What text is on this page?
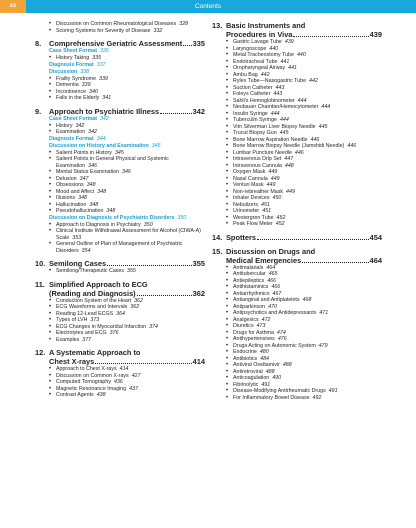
Contents
xx
• Discussion on Common Rheumatological Diseases 328
• Scoring Systems for Severity of Disease 332
8.	Comprehensive Geriatric Assessment 335
Case Sheet Format 335
• History Taking 335
Diagnosis Format 337
Discussion 338
• Frailty Syndrome 339
• Dementia 339
• Incontinence 340
• Falls in the Elderly 341
9.	Approach to Psychiatric Illness	342
Case Sheet Format 342
• History 342
• Examination 342
Diagnosis Format 344
Discussion on History and Examination 345
• Salient Points in History 345
• Salient Points in General Physical and Systemic Examination 346
• Mental Status Examination 346
• Delusion 347
• Obsessions 348
• Mood and Affect 348
• Illusions 348
• Hallucination 348
• Pseudohallucination 348
Discussion on Diagnosis of Psychiatric Disorders 350
• Approach to Diagnosis in Psychiatry 350
• Clinical Institute Withdrawal Assessment for Alcohol (CIWA-A) Scale 353
• General Outline of Plan of Management of Psychiatric Disorders 354
10. Semilong Cases	355
• Semilong/Therapeutic Cases 355
11. Simplified Approach to ECG
(Reading and Diagnosis)	362
• Conduction System of the Heart 362
• ECG Waveforms and Intervals 362
• Reading 12-Lead ECGS 364
• Types of LVH 373
• ECG Changes in Myocardial Infarction 374
• Electrolytes and ECG 376
• Examples 377
12. A Systematic Approach to
Chest X-rays	414
• Approach to Chest X-rays 414
• Discussion on Common X-rays 427
• Computed Tomography 436
• Magnetic Resonance Imaging 437
• Contrast Agents 438
13. Basic Instruments and
Procedures in Viva	439
• Gastric Lavage Tube 439
• Laryngoscope 440
• Metal Tracheostomy Tube 440
• Endotracheal Tube 441
• Oropharyngeal Airway 441
• Ambu Bag 442
• Ryles Tube—Nasogastric Tube 442
• Suction Catheter 443
• Foleys Catheter 443
• Sahli's Hemoglobinometer 444
• Neubauer Chamber/Hemocytometer 444
• Insulin Syringe 444
• Tuberculin Syringe 444
• Vim Silverman Liver Biopsy Needle 445
• Trucut Biopsy Gun 445
• Bone Marrow Aspiration Needle 446
• Bone Marrow Biopsy Needle (Jamshidi Needle) 446
• Lumbar Puncture Needle 446
• Intravenous Drip Set 447
• Intravenous Cannula 448
• Oxygen Mask 449
• Nasal Cannula 449
• Venturi Mask 449
• Non-rebreather Mask 449
• Inhaler Devices 450
• Nebulizers 451
• Urinometer 451
• Westergren Tube 452
• Peak Flow Meter 452
14. Spotters	454
15. Discussion on Drugs and
Medical Emergencies	464
• Antimalarials 464
• Antitubercular 465
• Antiepileptics 466
• Antihistaminics 466
• Antiarrhythmics 467
• Antianginal and Antiplatelets 468
• Antiparkinson 470
• Antipsychotics and Antidepressants 471
• Analgesics 472
• Diuretics 473
• Drugs for Asthma 474
• Antihypertensives 476
• Drugs Acting on Autonomic System 479
• Endocrine 480
• Antibiotics 484
• Antiviral Oseltamivir 488
• Antiretroviral 488
• Anticoagulation 490
• Fibrinolytic 491
• Disease-Modifying Antirheumatic Drugs 491
• For Inflammatory Bowel Disease 492
